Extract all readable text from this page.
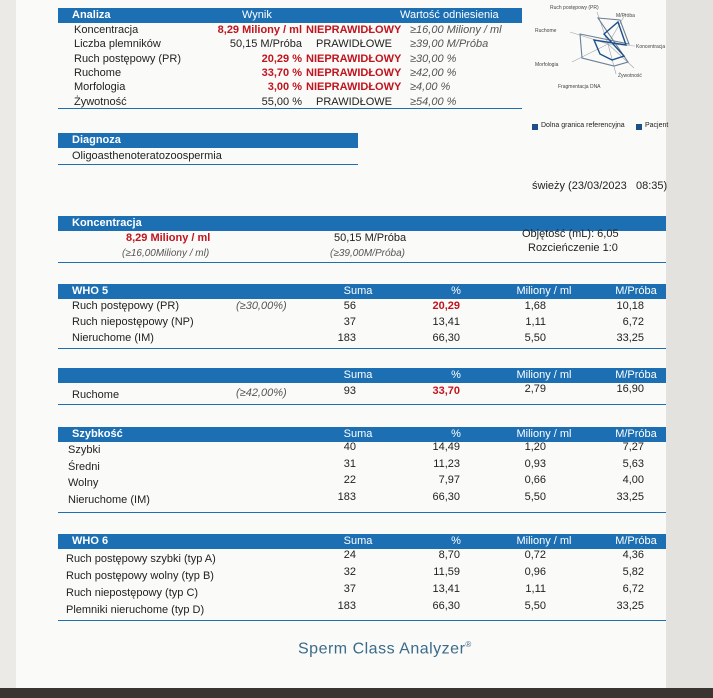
Analiza	Wynik	Wartość odniesienia
Koncentracja	8,29 Miliony / ml NIEPRAWIDŁOWY ≥16,00 Miliony / ml
Liczba plemników	50,15 M/Próba PRAWIDŁOWE ≥39,00 M/Próba
Ruch postępowy (PR)	20,29 % NIEPRAWIDŁOWY ≥30,00 %
Ruchome	33,70 % NIEPRAWIDŁOWY ≥42,00 %
Morfologia	3,00 % NIEPRAWIDŁOWY ≥4,00 %
Żywotność	55,00 % PRAWIDŁOWE ≥54,00 %
Ruch postępowy (PR)
M/Próba
Koncentracja
Ruchome
Morfologia
Żywotność
Fragmentacja DNA
Dolna granica referencyjna	Pacjent
Diagnoza
Oligoasthenoteratozoospermia
świeży (23/03/2023 08:35)
Koncentracja
8,29 Miliony / ml
(≥16,00Miliony / ml)
50,15 M/Próba
(≥39,00M/Próba)
Objętość (mL): 6,05
Rozcieńczenie 1:0
WHO 5	Suma	%	Miliony / ml	M/Próba
Ruch postępowy (PR)	(≥30,00%)	56	20,29	1,68	10,18
Ruch niepostępowy (NP)	37	13,41	1,11	6,72
Nieruchome (IM)	183	66,30	5,50	33,25
Suma	%	Miliony / ml	M/Próba
Ruchome	(≥42,00%)	93	33,70	2,79	16,90
Szybkość	Suma	%	Miliony / ml	M/Próba
Szybki	40	14,49	1,20	7,27
Średni	31	11,23	0,93	5,63
Wolny	22	7,97	0,66	4,00
Nieruchome (IM)	183	66,30	5,50	33,25
WHO 6	Suma	%	Miliony / ml	M/Próba
Ruch postępowy szybki (typ A)	24	8,70	0,72	4,36
Ruch postępowy wolny (typ B)	32	11,59	0,96	5,82
Ruch niepostępowy (typ C)	37	13,41	1,11	6,72
Plemniki nieruchome (typ D)	183	66,30	5,50	33,25
Sperm Class Analyzer®
